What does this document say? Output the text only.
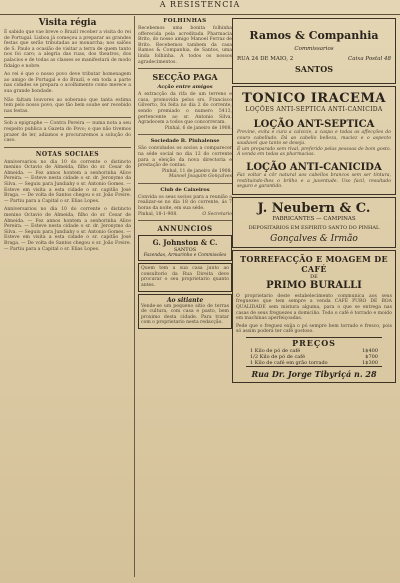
A RESISTENCIA
Visita régia
É sabido que vae breve o Brazil receber a visita do rei de Portugal. Lisboa já começou a preparar as grandes festas que serão tributadas ao monarcha; nos salões de S. Paulo a ocasião de visitar a terra de quem tanto nos foi caro; a alegria das ruas, dos theatros, dos palacios e de todas as classes se manifestará de modo fidalgo e nobre.
Ao rei é que o nosso povo deve tributar homenagem ao amigo de Portugal e do Brazil, e em toda a parte nas cidades se prepara o acolhimento como merece a sua grande bondade.
Não faltam louvores ao soberano que tanta estima tem pelo nosso povo, que tão bem soube ser recebido nas festas.
Sob a epigraphe — Contra Pereira — numa nota a seu respeito publica a Gazeta do Povo; o que não tivemos prazer de ler, adiamos e procuraremos a solução do caso.
NOTAS SOCIAES
Anniversariou no dia 10 do corrente o distincto menino Octavio de Almeida, filho do sr. Cesar de Almeida. — Fez annos hontem a senhorinha Alice Pereira. — Esteve nesta cidade o sr. dr. Jeronymo da Silva. — Seguiu para Jundiahy o sr. Antonio Gomes. — Esteve em visita a esta cidade o sr. capitão José Braga. — De volta de Santos chegou o sr. João Freire. — Partiu para a Capital o sr. Elias Lopes.
Anniversariou no dia 10 do corrente o distincto menino Octavio de Almeida, filho do sr. Cesar de Almeida. — Fez annos hontem a senhorinha Alice Pereira. — Esteve nesta cidade o sr. dr. Jeronymo da Silva. — Seguiu para Jundiahy o sr. Antonio Gomes. — Esteve em visita a esta cidade o sr. capitão José Braga. — De volta de Santos chegou o sr. João Freire. — Partiu para a Capital o sr. Elias Lopes.
FOLHINHAS
Recebemos uma bonita folhinha offerecida pela acreditada Pharmacia Brito, do nosso amigo Manoel Ferraz de Brito. Recebemos tambem da casa Ramos & Companhia, de Santos, uma linda folhinha. A todos os nossos agradecimentos.
SECÇÃO PAGA
Acção entre amigos
A extracção da rifa de um terreno e casa, promovida pelos srs. Francisco Gilverto, foi feita no dia 2 do corrente, sendo premiado o numero 5413, pertencente ao sr. Antonio Silva. Agradecem a todos que concorreram.
Pinhal, 6 de janeiro de 1908.
Sociedade B. Pinhalense
São convidados os socios a comparecer na séde social no dia 12 do corrente para a eleição da nova directoria e prestação de contas.
Pinhal, 11 de janeiro de 1908.
Manoel Joaquim Gonçalves
Club de Caixeiros
Convida os seus socios para a reunião a realizar-se no dia 18 do corrente, ás 7 horas da noite, em sua séde.
Pinhal, 18-1-908.	O Secretario
ANNUNCIOS
G. Johnston & C.
SANTOS
Fazendas, Armarinho e Commissões
Quem tem a sua casa junto ao consultorio da Rua Direita deve procurar o seu proprietario quanto antes.
Ao sitiante
Vende-se um pequeno sitio de terras de cultura, com casa e pasto, bem proximo desta cidade. Para tratar com o proprietario nesta redacção.
Ramos & Companhia
Commissarios
RUA 24 DE MAIO, 2	Caixa Postal 48
SANTOS
TONICO IRACEMA
LOÇÕES ANTI-SEPTICA ANTI-CANICIDA
LOÇÃO ANT-SEPTICA
Previne, evita e cura a calvicie, a caspa e todas as affecções do couro cabelludo. Dá ao cabello belleza, maciez e o aspecto saudavel que tanto se deseja.
É um preparado sem rival, preferido pelas pessoas de bom gosto. Á venda em todas as pharmacias.
LOÇÃO ANTI-CANICIDA
Faz voltar a côr natural aos cabellos brancos sem ser tintura, restituindo-lhes o brilho e a juventude. Uso facil, resultado seguro e garantido.
J. Neubern & C.
FABRICANTES — CAMPINAS
DEPOSITARIOS EM ESPIRITO SANTO DO PINHAL
Gonçalves & Irmão
TORREFACÇÃO E MOAGEM DE CAFÉ
DE
PRIMO BURALLI
O proprietario deste estabelecimento communica aos seus freguezes que tem sempre a venda CAFÉ PURO DE BOA QUALIDADE sem mistura alguma, para o que se entrega nas casas de seus freguezes a domicilio. Todo o café é torrado e moido em machinas aperfeiçoadas.
Pede que o freguez exija o pó sempre bem torrado e fresco, pois só assim poderá ter café gostoso.
PREÇOS
1 Kilo de pó de café	1$400
1/2 Kilo de pó de café	$700
1 Kilo de café em grão torrado	1$300
Rua Dr. Jorge Tibyriçá n. 28
